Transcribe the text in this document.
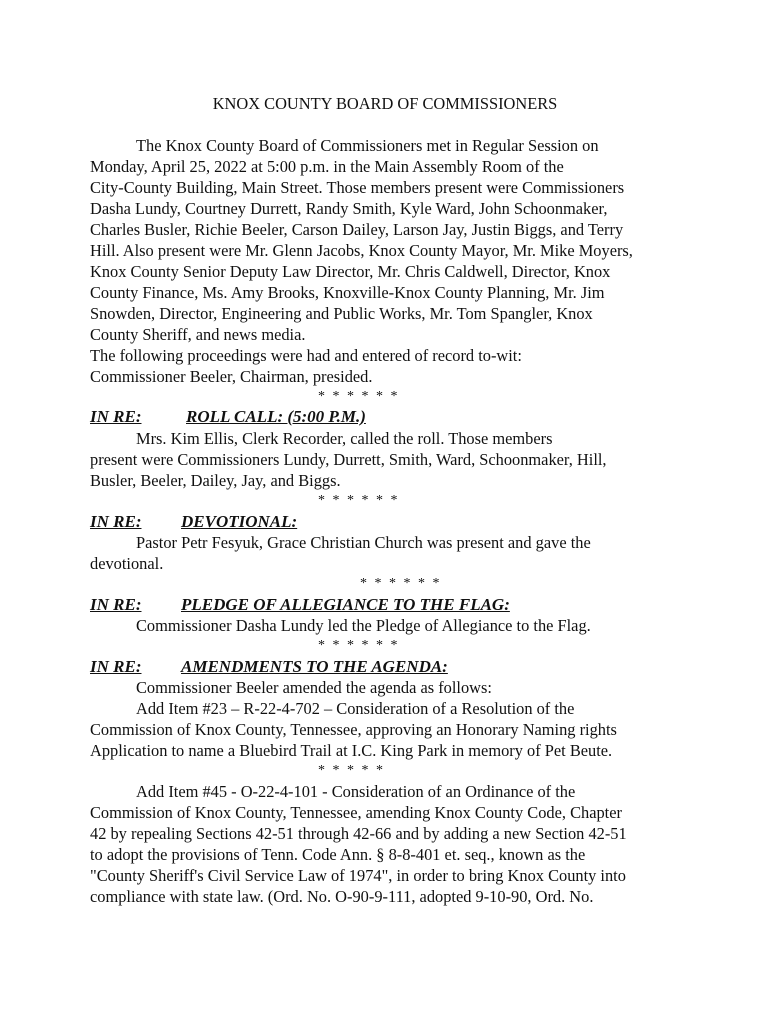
KNOX COUNTY BOARD OF COMMISSIONERS
The Knox County Board of Commissioners met in Regular Session on
Monday, April 25, 2022 at 5:00 p.m. in the Main Assembly Room of the
City-County Building, Main Street. Those members present were Commissioners
Dasha Lundy, Courtney Durrett, Randy Smith, Kyle Ward, John Schoonmaker,
Charles Busler, Richie Beeler, Carson Dailey, Larson Jay, Justin Biggs, and Terry
Hill. Also present were Mr. Glenn Jacobs, Knox County Mayor, Mr. Mike Moyers,
Knox County Senior Deputy Law Director, Mr. Chris Caldwell, Director, Knox
County Finance, Ms. Amy Brooks, Knoxville-Knox County Planning, Mr. Jim
Snowden, Director, Engineering and Public Works, Mr. Tom Spangler, Knox
County Sheriff, and news media.
The following proceedings were had and entered of record to-wit:
Commissioner Beeler, Chairman, presided.
* * * * * *
IN RE:	ROLL CALL: (5:00 P.M.)
Mrs. Kim Ellis, Clerk Recorder, called the roll. Those members
present were Commissioners Lundy, Durrett, Smith, Ward, Schoonmaker, Hill,
Busler, Beeler, Dailey, Jay, and Biggs.
* * * * * *
IN RE: DEVOTIONAL:
Pastor Petr Fesyuk, Grace Christian Church was present and gave the
devotional.
* * * * * *
IN RE: PLEDGE OF ALLEGIANCE TO THE FLAG:
Commissioner Dasha Lundy led the Pledge of Allegiance to the Flag.
* * * * * *
IN RE: AMENDMENTS TO THE AGENDA:
Commissioner Beeler amended the agenda as follows:
Add Item #23 – R-22-4-702 – Consideration of a Resolution of the
Commission of Knox County, Tennessee, approving an Honorary Naming rights
Application to name a Bluebird Trail at I.C. King Park in memory of Pet Beute.
* * * * *
Add Item #45 - O-22-4-101 - Consideration of an Ordinance of the
Commission of Knox County, Tennessee, amending Knox County Code, Chapter
42 by repealing Sections 42-51 through 42-66 and by adding a new Section 42-51
to adopt the provisions of Tenn. Code Ann. § 8-8-401 et. seq., known as the
"County Sheriff's Civil Service Law of 1974", in order to bring Knox County into
compliance with state law. (Ord. No. O-90-9-111, adopted 9-10-90, Ord. No.
